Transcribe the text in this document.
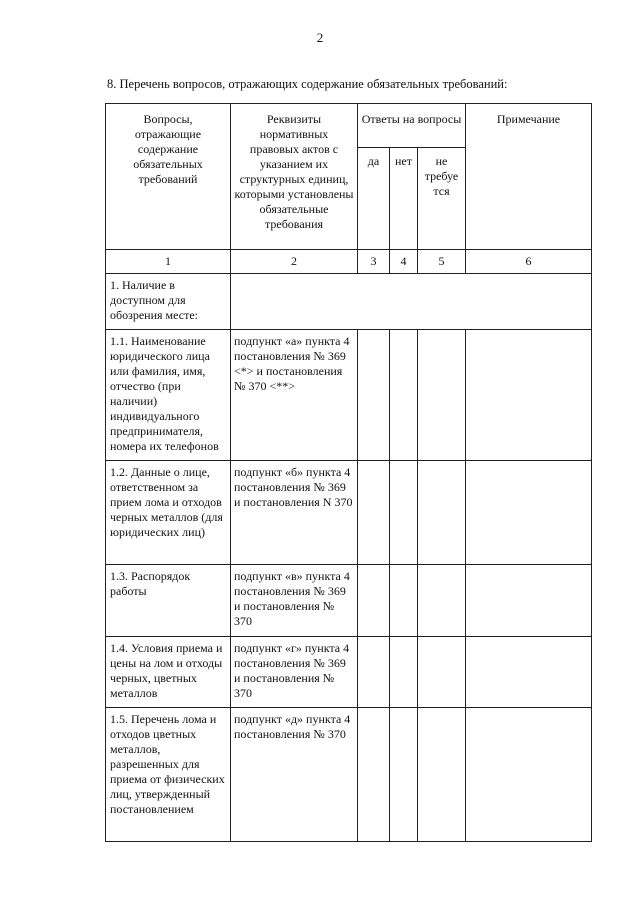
2
8. Перечень вопросов, отражающих содержание обязательных требований:
Вопросы, отражающие содержание обязательных требований	Реквизиты нормативных правовых актов с указанием их структурных единиц, которыми установлены обязательные требования	Ответы на вопросы			Примечание
		да	нет	не требуе тся	
1	2	3	4	5	6
1. Наличие в доступном для обозрения месте:					
1.1. Наименование юридического лица или фамилия, имя, отчество (при наличии) индивидуального предпринимателя, номера их телефонов	подпункт «а» пункта 4 постановления № 369 <*> и постановления № 370 <**>				
1.2. Данные о лице, ответственном за прием лома и отходов черных металлов (для юридических лиц)	подпункт «б» пункта 4 постановления № 369 и постановления N 370				
1.3. Распорядок работы	подпункт «в» пункта 4 постановления № 369 и постановления № 370				
1.4. Условия приема и цены на лом и отходы черных, цветных металлов	подпункт «г» пункта 4 постановления № 369 и постановления № 370				
1.5. Перечень лома и отходов цветных металлов, разрешенных для приема от физических лиц, утвержденный постановлением	подпункт «д» пункта 4 постановления № 370				
